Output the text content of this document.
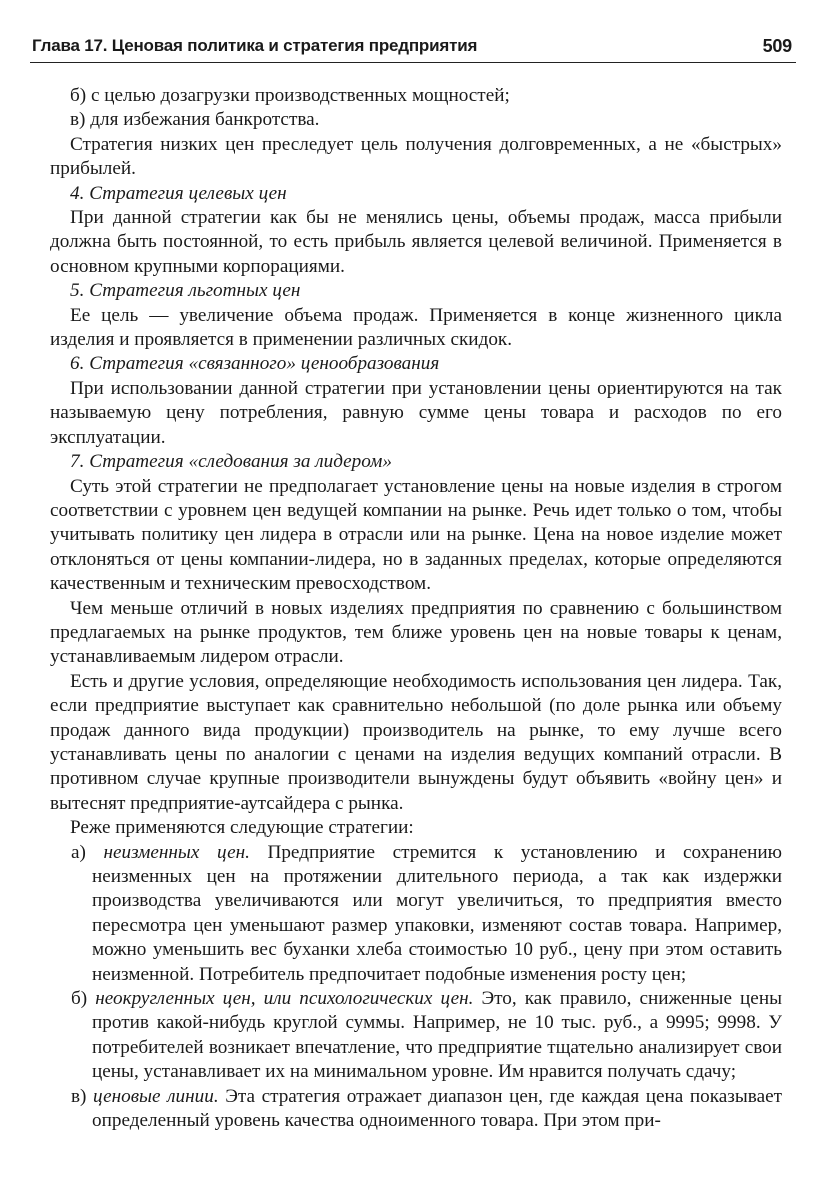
Глава 17. Ценовая политика и стратегия предприятия	509

б) с целью дозагрузки производственных мощностей;

в) для избежания банкротства.

Стратегия низких цен преследует цель получения долговременных, а не «быстрых» прибылей.

4. Стратегия целевых цен

При данной стратегии как бы не менялись цены, объемы продаж, масса прибыли должна быть постоянной, то есть прибыль является целевой величиной. Применяется в основном крупными корпорациями.

5. Стратегия льготных цен

Ее цель — увеличение объема продаж. Применяется в конце жизненного цикла изделия и проявляется в применении различных скидок.

6. Стратегия «связанного» ценообразования

При использовании данной стратегии при установлении цены ориентируются на так называемую цену потребления, равную сумме цены товара и расходов по его эксплуатации.

7. Стратегия «следования за лидером»

Суть этой стратегии не предполагает установление цены на новые изделия в строгом соответствии с уровнем цен ведущей компании на рынке. Речь идет только о том, чтобы учитывать политику цен лидера в отрасли или на рынке. Цена на новое изделие может отклоняться от цены компании-лидера, но в заданных пределах, которые определяются качественным и техническим превосходством.

Чем меньше отличий в новых изделиях предприятия по сравнению с большинством предлагаемых на рынке продуктов, тем ближе уровень цен на новые товары к ценам, устанавливаемым лидером отрасли.

Есть и другие условия, определяющие необходимость использования цен лидера. Так, если предприятие выступает как сравнительно небольшой (по доле рынка или объему продаж данного вида продукции) производитель на рынке, то ему лучше всего устанавливать цены по аналогии с ценами на изделия ведущих компаний отрасли. В противном случае крупные производители вынуждены будут объявить «войну цен» и вытеснят предприятие-аутсайдера с рынка.

Реже применяются следующие стратегии:

а) неизменных цен. Предприятие стремится к установлению и сохранению неизменных цен на протяжении длительного периода, а так как издержки производства увеличиваются или могут увеличиться, то предприятия вместо пересмотра цен уменьшают размер упаковки, изменяют состав товара. Например, можно уменьшить вес буханки хлеба стоимостью 10 руб., цену при этом оставить неизменной. Потребитель предпочитает подобные изменения росту цен;

б) неокругленных цен, или психологических цен. Это, как правило, сниженные цены против какой-нибудь круглой суммы. Например, не 10 тыс. руб., а 9995; 9998. У потребителей возникает впечатление, что предприятие тщательно анализирует свои цены, устанавливает их на минимальном уровне. Им нравится получать сдачу;

в) ценовые линии. Эта стратегия отражает диапазон цен, где каждая цена показывает определенный уровень качества одноименного товара. При этом при-
